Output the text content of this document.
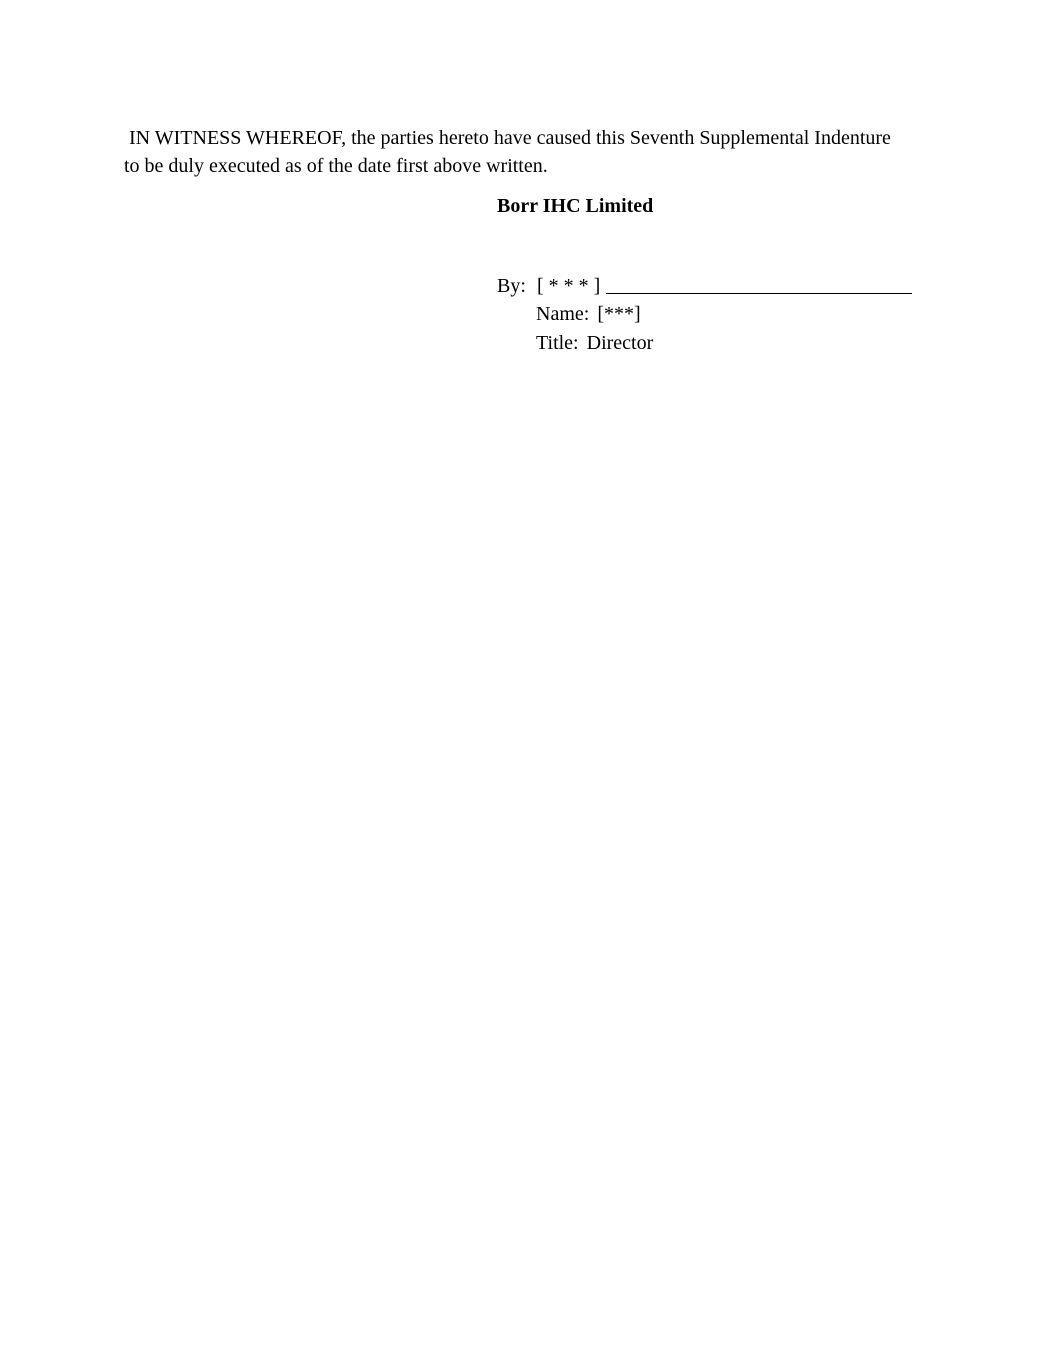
IN WITNESS WHEREOF, the parties hereto have caused this Seventh Supplemental Indenture
to be duly executed as of the date first above written.

Borr IHC Limited
By: [ * * * ]
Name: [***]
Title: Director
